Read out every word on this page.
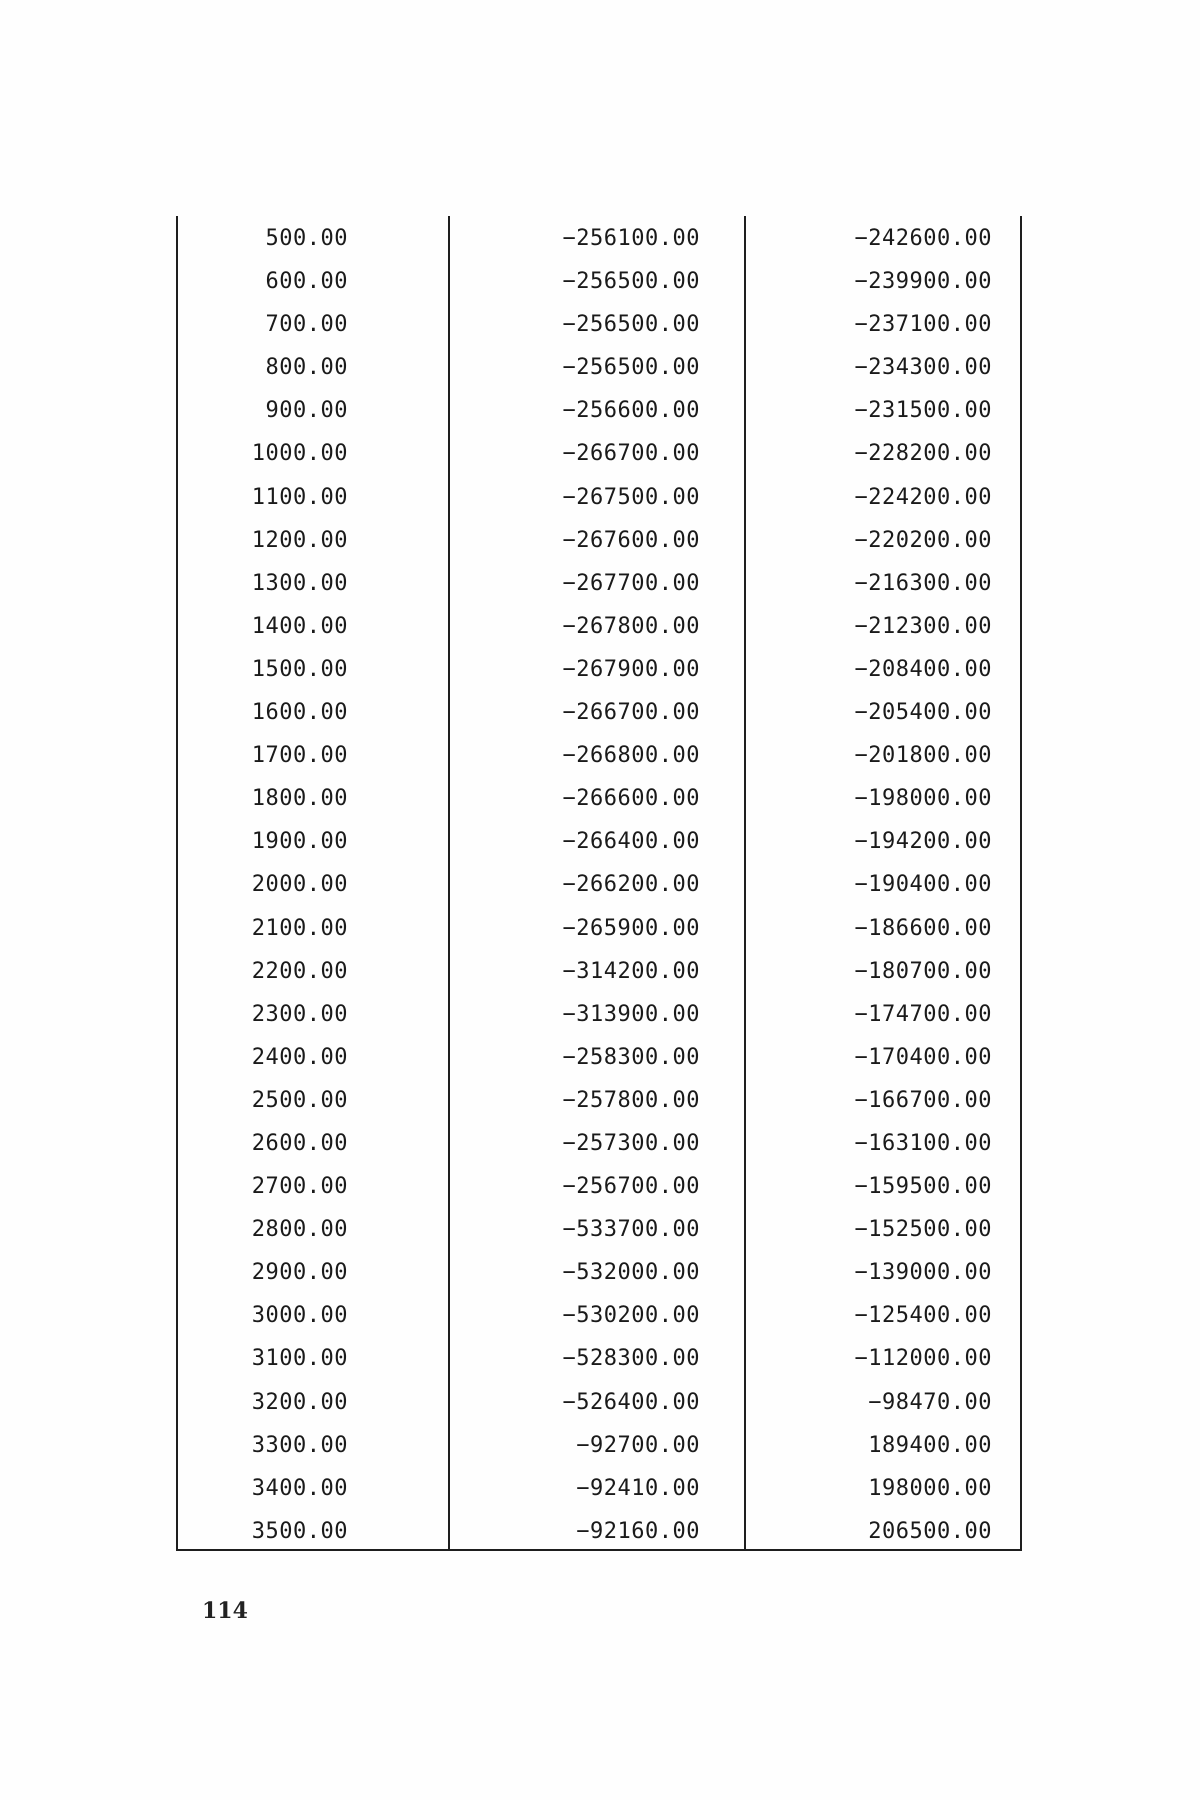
500.00	−256100.00	−242600.00
600.00	−256500.00	−239900.00
700.00	−256500.00	−237100.00
800.00	−256500.00	−234300.00
900.00	−256600.00	−231500.00
1000.00	−266700.00	−228200.00
1100.00	−267500.00	−224200.00
1200.00	−267600.00	−220200.00
1300.00	−267700.00	−216300.00
1400.00	−267800.00	−212300.00
1500.00	−267900.00	−208400.00
1600.00	−266700.00	−205400.00
1700.00	−266800.00	−201800.00
1800.00	−266600.00	−198000.00
1900.00	−266400.00	−194200.00
2000.00	−266200.00	−190400.00
2100.00	−265900.00	−186600.00
2200.00	−314200.00	−180700.00
2300.00	−313900.00	−174700.00
2400.00	−258300.00	−170400.00
2500.00	−257800.00	−166700.00
2600.00	−257300.00	−163100.00
2700.00	−256700.00	−159500.00
2800.00	−533700.00	−152500.00
2900.00	−532000.00	−139000.00
3000.00	−530200.00	−125400.00
3100.00	−528300.00	−112000.00
3200.00	−526400.00	−98470.00
3300.00	−92700.00	189400.00
3400.00	−92410.00	198000.00
3500.00	−92160.00	206500.00
114
